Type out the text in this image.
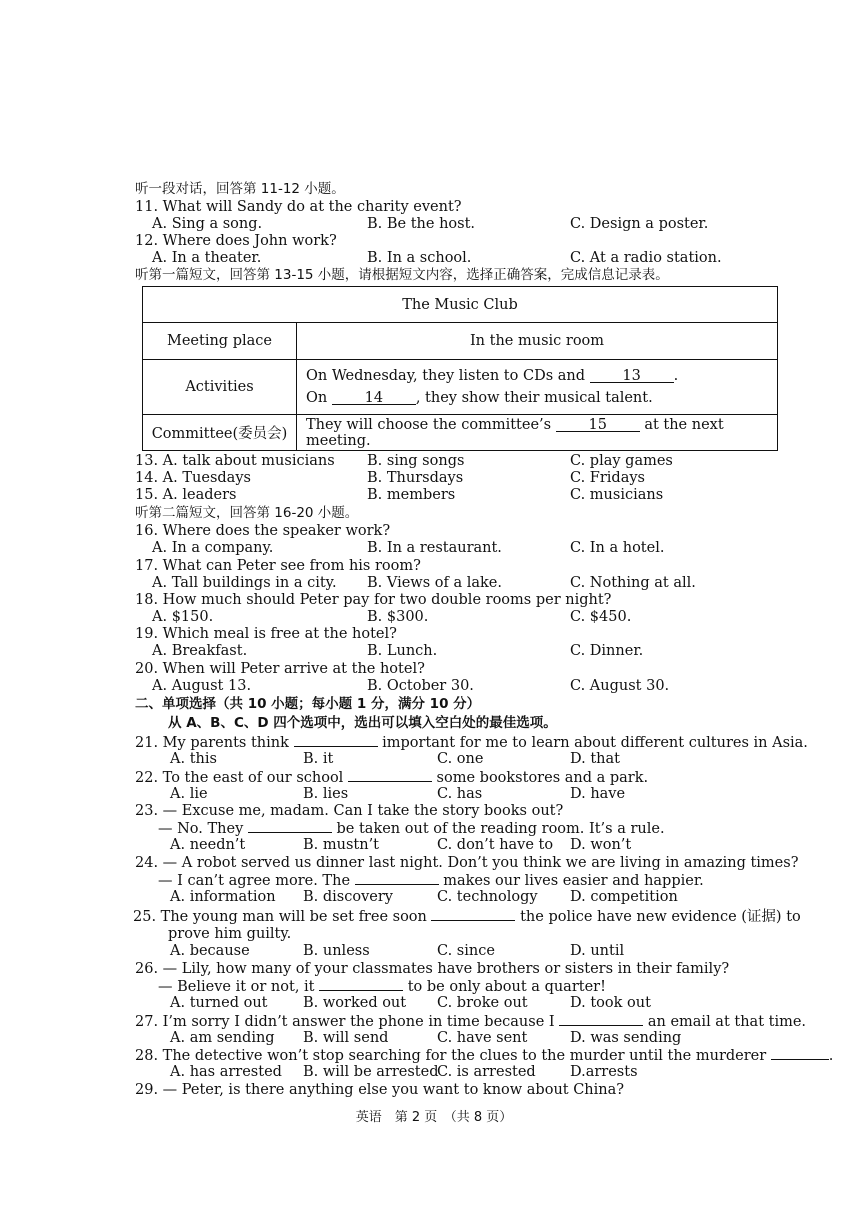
听一段对话，回答第 11-12 小题。
11. What will Sandy do at the charity event?
A. Sing a song.	B. Be the host.	C. Design a poster.
12. Where does John work?
A. In a theater.	B. In a school.	C. At a radio station.
听第一篇短文，回答第 13-15 小题，请根据短文内容，选择正确答案，完成信息记录表。
The Music Club	
Meeting place	In the music room
Activities	On Wednesday, they listen to CDs and 13 .
On 14 , they show their musical talent.

Committee(委员会)	They will choose the committee’s 15 at the next meeting.
13. A. talk about musicians B. sing songs	C. play games
14. A. Tuesdays	B. Thursdays	C. Fridays
15. A. leaders	B. members	C. musicians
听第二篇短文，回答第 16-20 小题。
16. Where does the speaker work?
A. In a company.	B. In a restaurant.	C. In a hotel.
17. What can Peter see from his room?
A. Tall buildings in a city. B. Views of a lake.	C. Nothing at all.
18. How much should Peter pay for two double rooms per night?
A. $150.	B. $300.	C. $450.
19. Which meal is free at the hotel?
A. Breakfast.	B. Lunch.	C. Dinner.
20. When will Peter arrive at the hotel?
A. August 13.	B. October 30.	C. August 30.
二、单项选择（共 10 小题；每小题 1 分，满分 10 分）
从 A、B、C、D 四个选项中，选出可以填入空白处的最佳选项。
21. My parents think	important for me to learn about different cultures in Asia.
A. this	B. it	C. one	D. that
22. To the east of our school	some bookstores and a park.
A. lie	B. lies	C. has	D. have
23. — Excuse me, madam. Can I take the story books out?
— No. They	be taken out of the reading room. It’s a rule.
A. needn’t	B. mustn’t	C. don’t have to D. won’t
24. — A robot served us dinner last night. Don’t you think we are living in amazing times?
— I can’t agree more. The	makes our lives easier and happier.
A. information B. discovery	C. technology D. competition
25. The young man will be set free soon	the police have new evidence (证据) to
prove him guilty.
A. because	B. unless	C. since	D. until
26. — Lily, how many of your classmates have brothers or sisters in their family?
— Believe it or not, it	to be only about a quarter!
A. turned out B. worked out C. broke out	D. took out
27. I’m sorry I didn’t answer the phone in time because I	an email at that time.
A. am sending B. will send	C. have sent	D. was sending
28. The detective won’t stop searching for the clues to the murder until the murderer	.
A. has arrested B. will be arrested
C. is arrested D.arrests
29. — Peter, is there anything else you want to know about China?
英语　第 2 页　（共 8 页）
